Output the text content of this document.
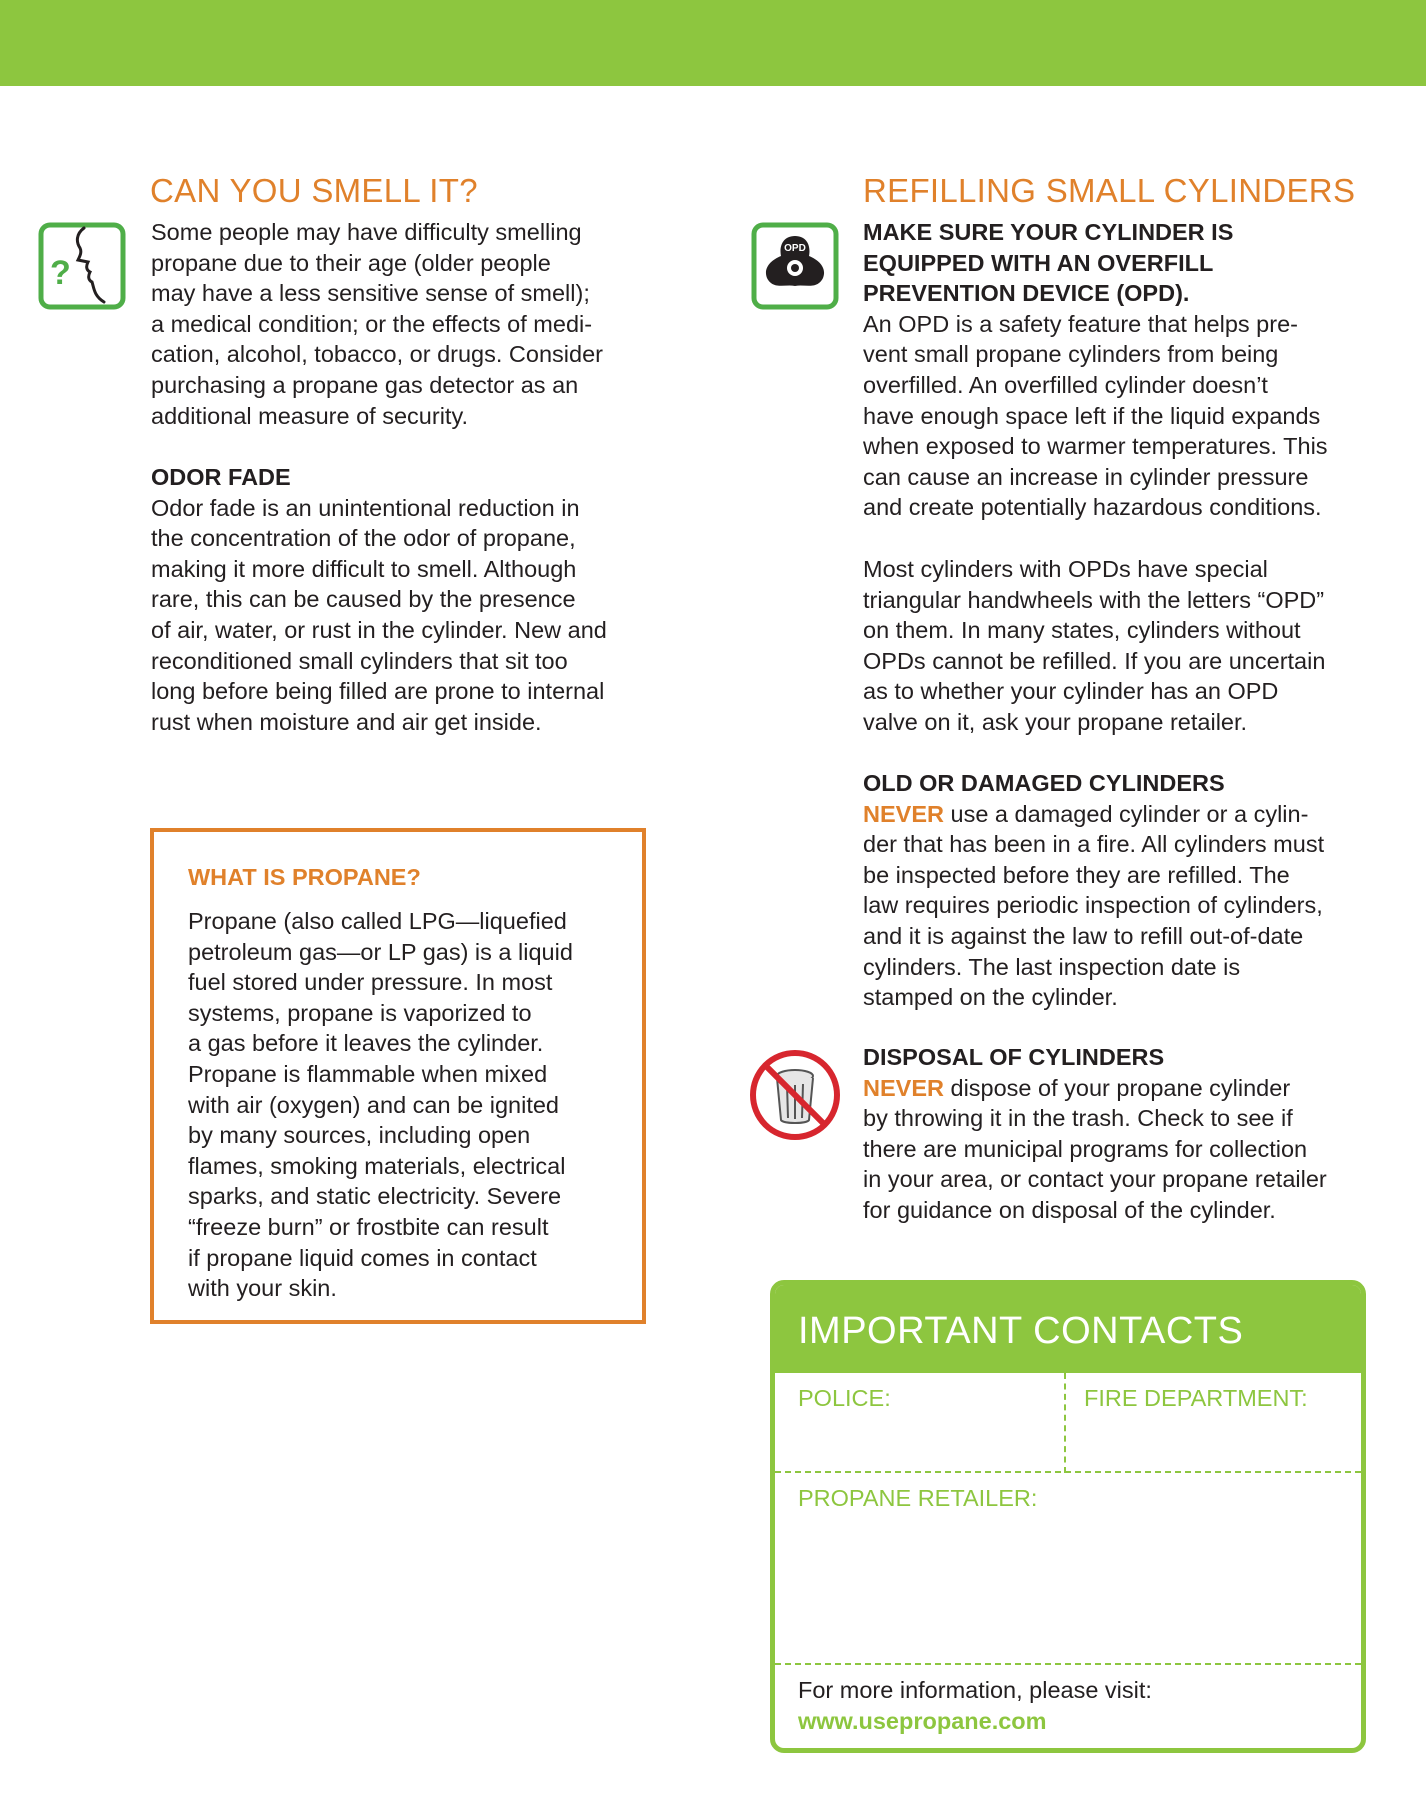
CAN YOU SMELL IT?
?

Some people may have difficulty smelling

propane due to their age (older people

may have a less sensitive sense of smell);

a medical condition; or the effects of medi-

cation, alcohol, tobacco, or drugs. Consider

purchasing a propane gas detector as an

additional measure of security.

ODOR FADE

Odor fade is an unintentional reduction in

the concentration of the odor of propane,

making it more difficult to smell. Although

rare, this can be caused by the presence

of air, water, or rust in the cylinder. New and

reconditioned small cylinders that sit too

long before being filled are prone to internal

rust when moisture and air get inside.

WHAT IS PROPANE?

Propane (also called LPG—liquefied

petroleum gas—or LP gas) is a liquid

fuel stored under pressure. In most

systems, propane is vaporized to

a gas before it leaves the cylinder.

Propane is flammable when mixed

with air (oxygen) and can be ignited

by many sources, including open

flames, smoking materials, electrical

sparks, and static electricity. Severe

“freeze burn” or frostbite can result

if propane liquid comes in contact

with your skin.

REFILLING SMALL CYLINDERS
OPD

MAKE SURE YOUR CYLINDER IS

EQUIPPED WITH AN OVERFILL

PREVENTION DEVICE (OPD).

An OPD is a safety feature that helps pre-

vent small propane cylinders from being

overfilled. An overfilled cylinder doesn’t

have enough space left if the liquid expands

when exposed to warmer temperatures. This

can cause an increase in cylinder pressure

and create potentially hazardous conditions.

Most cylinders with OPDs have special

triangular handwheels with the letters “OPD”

on them. In many states, cylinders without

OPDs cannot be refilled. If you are uncertain

as to whether your cylinder has an OPD

valve on it, ask your propane retailer.

OLD OR DAMAGED CYLINDERS

NEVER use a damaged cylinder or a cylin-

der that has been in a fire. All cylinders must

be inspected before they are refilled. The

law requires periodic inspection of cylinders,

and it is against the law to refill out-of-date

cylinders. The last inspection date is

stamped on the cylinder.

DISPOSAL OF CYLINDERS

NEVER dispose of your propane cylinder

by throwing it in the trash. Check to see if

there are municipal programs for collection

in your area, or contact your propane retailer

for guidance on disposal of the cylinder.

IMPORTANT CONTACTS

POLICE:	FIRE DEPARTMENT:

PROPANE RETAILER:

For more information, please visit:

www.usepropane.com
